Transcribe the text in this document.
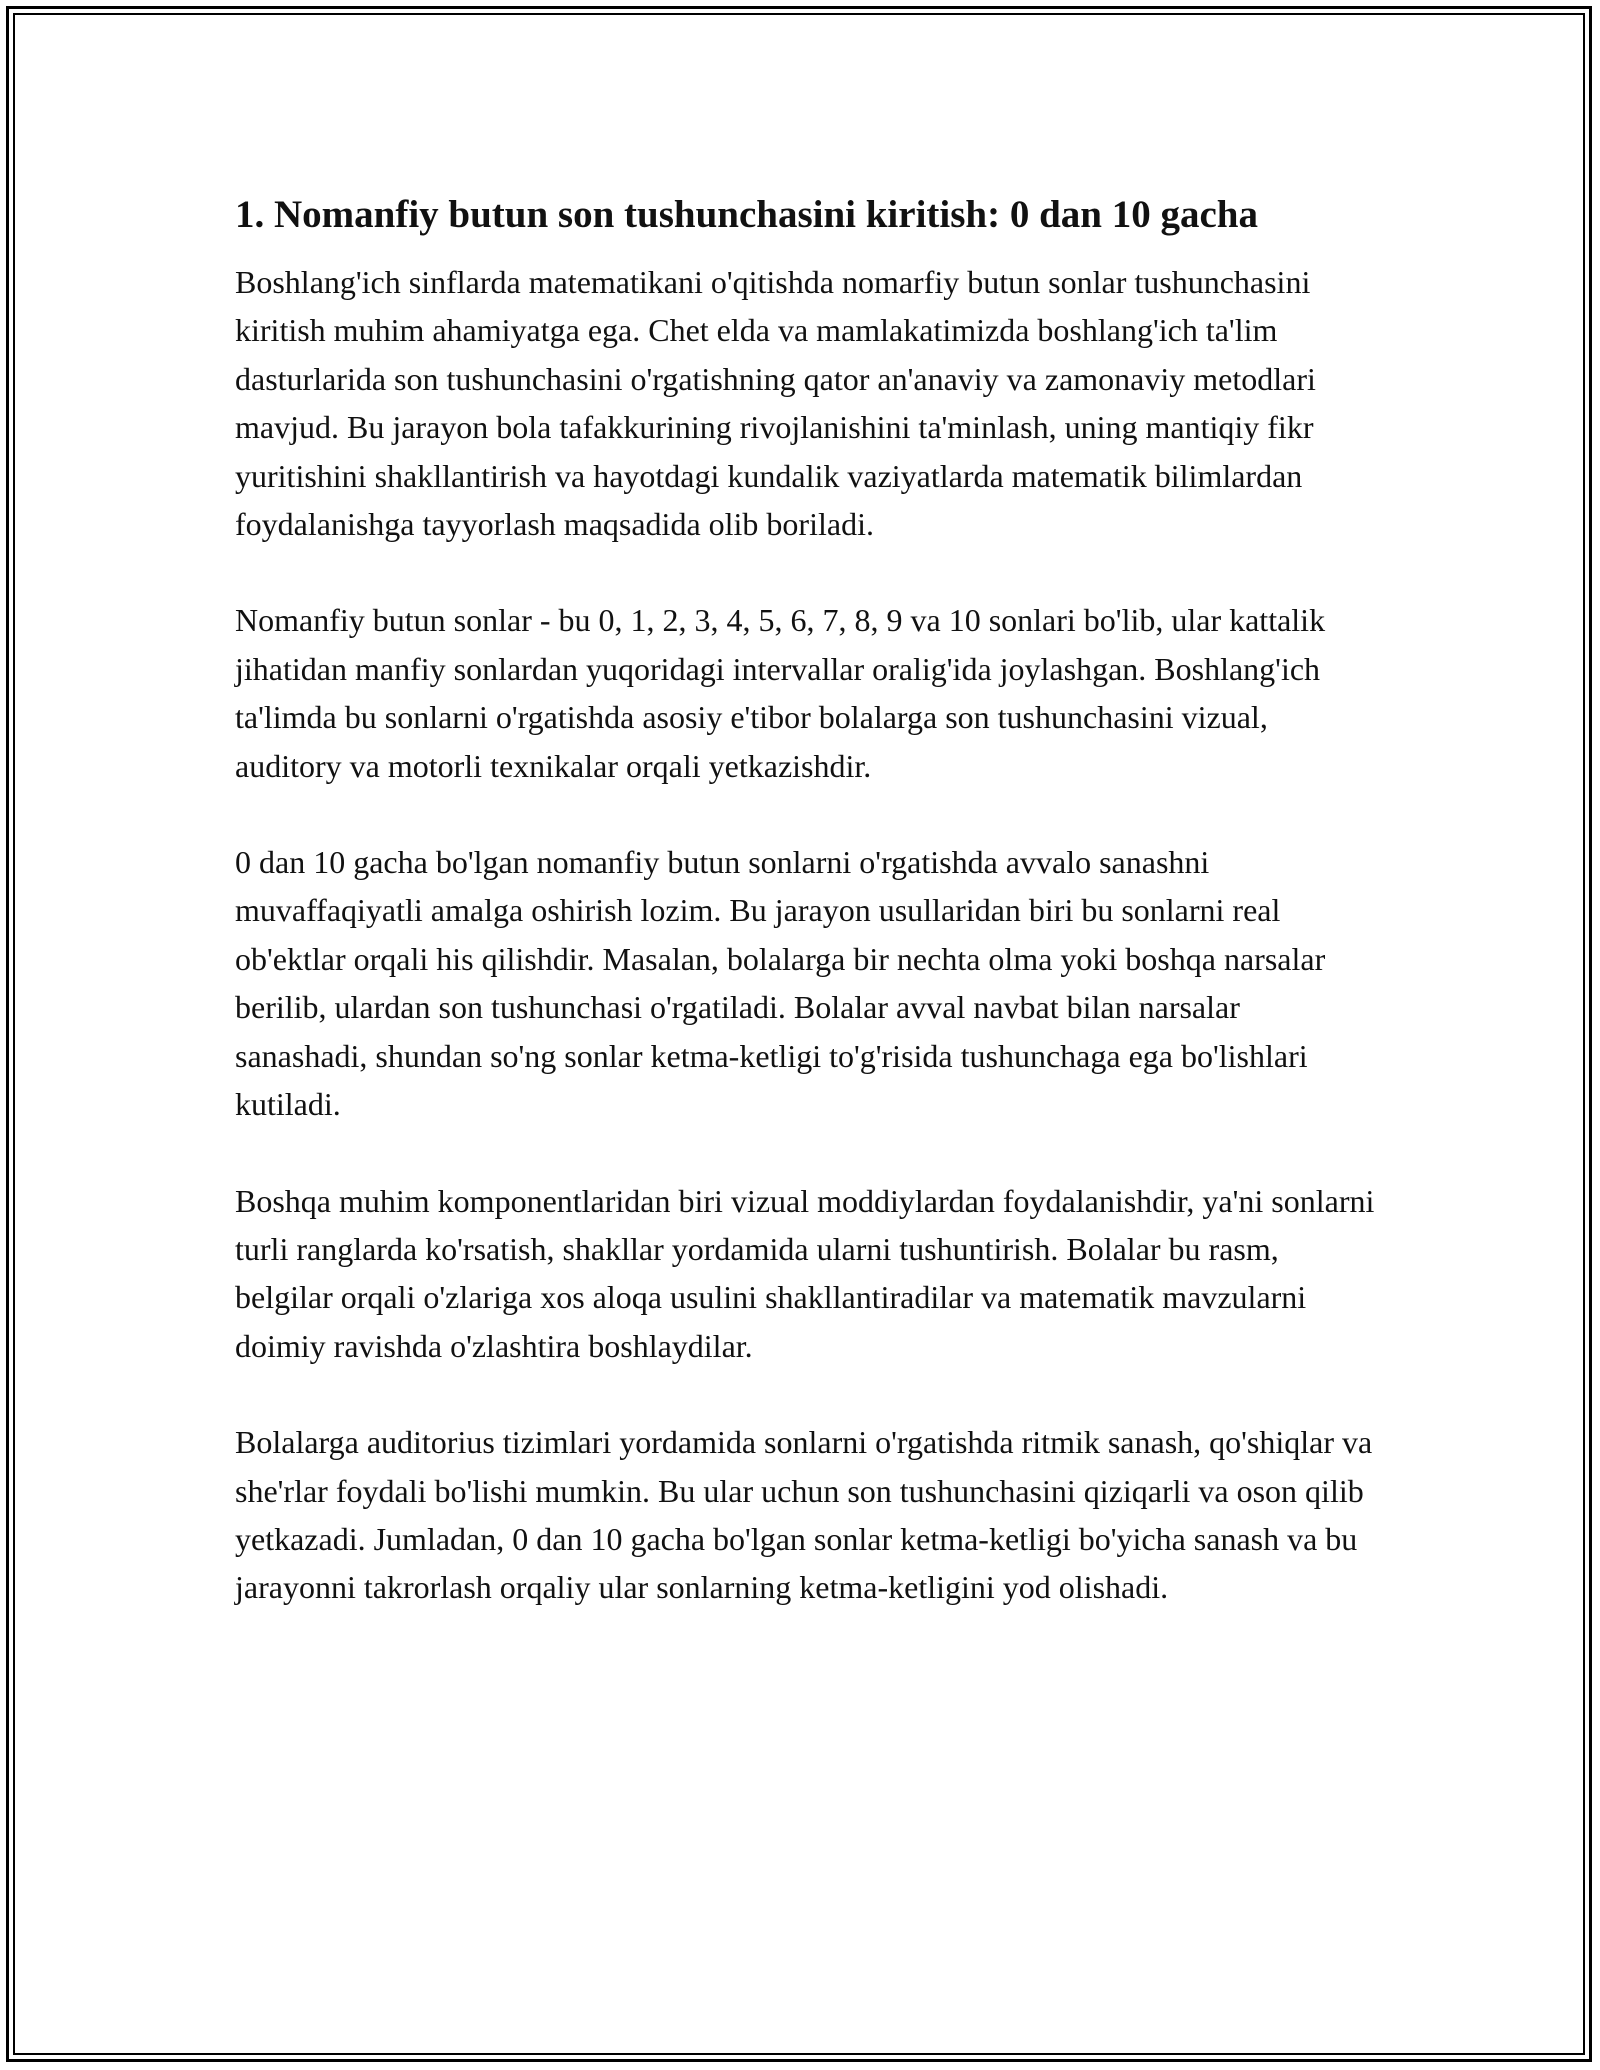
1. Nomanfiy butun son tushunchasini kiritish: 0 dan 10 gacha

Boshlang'ich sinflarda matematikani o'qitishda nomarfiy butun sonlar tushunchasini kiritish muhim ahamiyatga ega. Chet elda va mamlakatimizda boshlang'ich ta'lim dasturlarida son tushunchasini o'rgatishning qator an'anaviy va zamonaviy metodlari mavjud. Bu jarayon bola tafakkurining rivojlanishini ta'minlash, uning mantiqiy fikr yuritishini shakllantirish va hayotdagi kundalik vaziyatlarda matematik bilimlardan foydalanishga tayyorlash maqsadida olib boriladi.

Nomanfiy butun sonlar - bu 0, 1, 2, 3, 4, 5, 6, 7, 8, 9 va 10 sonlari bo'lib, ular kattalik jihatidan manfiy sonlardan yuqoridagi intervallar oralig'ida joylashgan. Boshlang'ich ta'limda bu sonlarni o'rgatishda asosiy e'tibor bolalarga son tushunchasini vizual, auditory va motorli texnikalar orqali yetkazishdir.

0 dan 10 gacha bo'lgan nomanfiy butun sonlarni o'rgatishda avvalo sanashni muvaffaqiyatli amalga oshirish lozim. Bu jarayon usullaridan biri bu sonlarni real ob'ektlar orqali his qilishdir. Masalan, bolalarga bir nechta olma yoki boshqa narsalar berilib, ulardan son tushunchasi o'rgatiladi. Bolalar avval navbat bilan narsalar sanashadi, shundan so'ng sonlar ketma-ketligi to'g'risida tushunchaga ega bo'lishlari kutiladi.

Boshqa muhim komponentlaridan biri vizual moddiylardan foydalanishdir, ya'ni sonlarni turli ranglarda ko'rsatish, shakllar yordamida ularni tushuntirish. Bolalar bu rasm, belgilar orqali o'zlariga xos aloqa usulini shakllantiradilar va matematik mavzularni doimiy ravishda o'zlashtira boshlaydilar.

Bolalarga auditorius tizimlari yordamida sonlarni o'rgatishda ritmik sanash, qo'shiqlar va she'rlar foydali bo'lishi mumkin. Bu ular uchun son tushunchasini qiziqarli va oson qilib yetkazadi. Jumladan, 0 dan 10 gacha bo'lgan sonlar ketma-ketligi bo'yicha sanash va bu jarayonni takrorlash orqaliy ular sonlarning ketma-ketligini yod olishadi.
